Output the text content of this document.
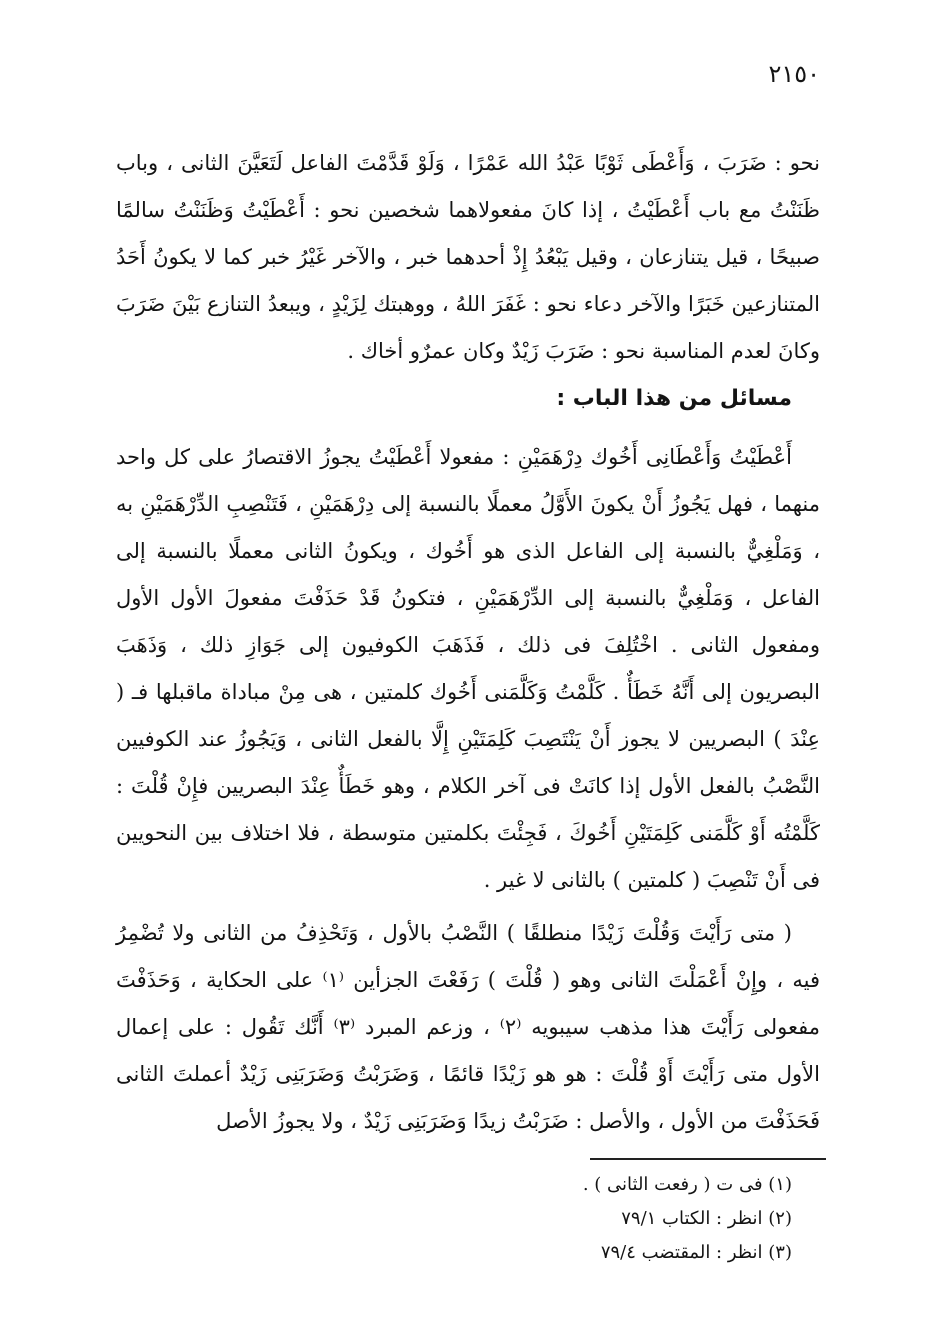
٢١٥٠

نحو : ضَرَبَ ، وَأَعْطَى ثَوْبًا عَبْدُ الله عَمْرًا ، وَلَوْ قَدَّمْتَ الفاعل لَتَعَيَّنَ الثانى ، وباب ظَنَنْتُ مع باب أَعْطَيْتُ ، إذا كانَ مفعولاهما شخصين نحو : أَعْطَيْتُ وَظَنَنْتُ سالمًا صبيحًا ، قيل يتنازعان ، وقيل يَبْعُدُ إِذْ أحدهما خبر ، والآخر غَيْرُ خبر كما لا يكونُ أَحَدُ المتنازعين خَبَرًا والآخر دعاء نحو : غَفَرَ اللهُ ، ووهبتك لِزَيْدٍ ، ويبعدُ التنازع بَيْنَ ضَرَبَ وكانَ لعدم المناسبة نحو : ضَرَبَ زَيْدٌ وكان عمرٌو أخاك .

مسائل من هذا الباب :

أَعْطَيْتُ وَأَعْطَانِى أَخُوك دِرْهَمَيْنِ : مفعولا أَعْطَيْتُ يجوزُ الاقتصارُ على كل واحد منهما ، فهل يَجُوزُ أَنْ يكونَ الأَوَّلُ معملًا بالنسبة إلى دِرْهَمَيْنِ ، فَتَنْصِبِ الدِّرْهَمَيْنِ به ، وَمَلْغِيٌّ بالنسبة إلى الفاعل الذى هو أَخُوك ، ويكونُ الثانى معملًا بالنسبة إلى الفاعل ، وَمَلْغِيٌّ بالنسبة إلى الدِّرْهَمَيْنِ ، فتكونُ قَدْ حَذَفْتَ مفعولَ الأول الأول ومفعول الثانى . اخْتُلِفَ فى ذلك ، فَذَهَبَ الكوفيون إلى جَوَازِ ذلك ، وَذَهَبَ البصريون إلى أَنَّهُ خَطَأٌ . كَلَّمْتُ وَكَلَّمَنى أَخُوك كلمتين ، هى مِنْ مباداة ماقبلها فـ ( عِنْدَ ) البصريين لا يجوز أَنْ يَنْتَصِبَ كَلِمَتَيْنِ إِلَّا بالفعل الثانى ، وَيَجُوزُ عند الكوفيين النَّصْبُ بالفعل الأول إذا كانَتْ فى آخر الكلام ، وهو خَطَأٌ عِنْدَ البصريين فإِنْ قُلْتَ : كَلَّمْتُه أَوْ كَلَّمَنى كَلِمَتَيْنِ أَخُوكَ ، فَجِئْتَ بكلمتين متوسطة ، فلا اختلاف بين النحويين فى أَنْ تَنْصِبَ ( كلمتين ) بالثانى لا غير .

( متى رَأَيْتَ وَقُلْتَ زَيْدًا منطلقًا ) النَّصْبُ بالأول ، وَتَحْذِفُ من الثانى ولا تُضْمِرُ فيه ، وإِنْ أَعْمَلْتَ الثانى وهو ( قُلْتَ ) رَفَعْتَ الجزأين ⁽١⁾ على الحكاية ، وَحَذَفْتَ مفعولى رَأَيْتَ هذا مذهب سيبويه ⁽٢⁾ ، وزعم المبرد ⁽٣⁾ أَنَّك تَقُول : على إعمال الأول متى رَأَيْتَ أَوْ قُلْتَ : هو هو زَيْدًا قائمًا ، وَضَرَبْتُ وَضَرَبَنِى زَيْدٌ أعملتَ الثانى فَحَذَفْتَ من الأول ، والأصل : ضَرَبْتُ زيدًا وَضَرَبَنِى زَيْدٌ ، ولا يجوزُ الأصل

(١) فى ت ( رفعت الثانى ) .
(٢) انظر : الكتاب ٧٩/١
(٣) انظر : المقتضب ٧٩/٤
